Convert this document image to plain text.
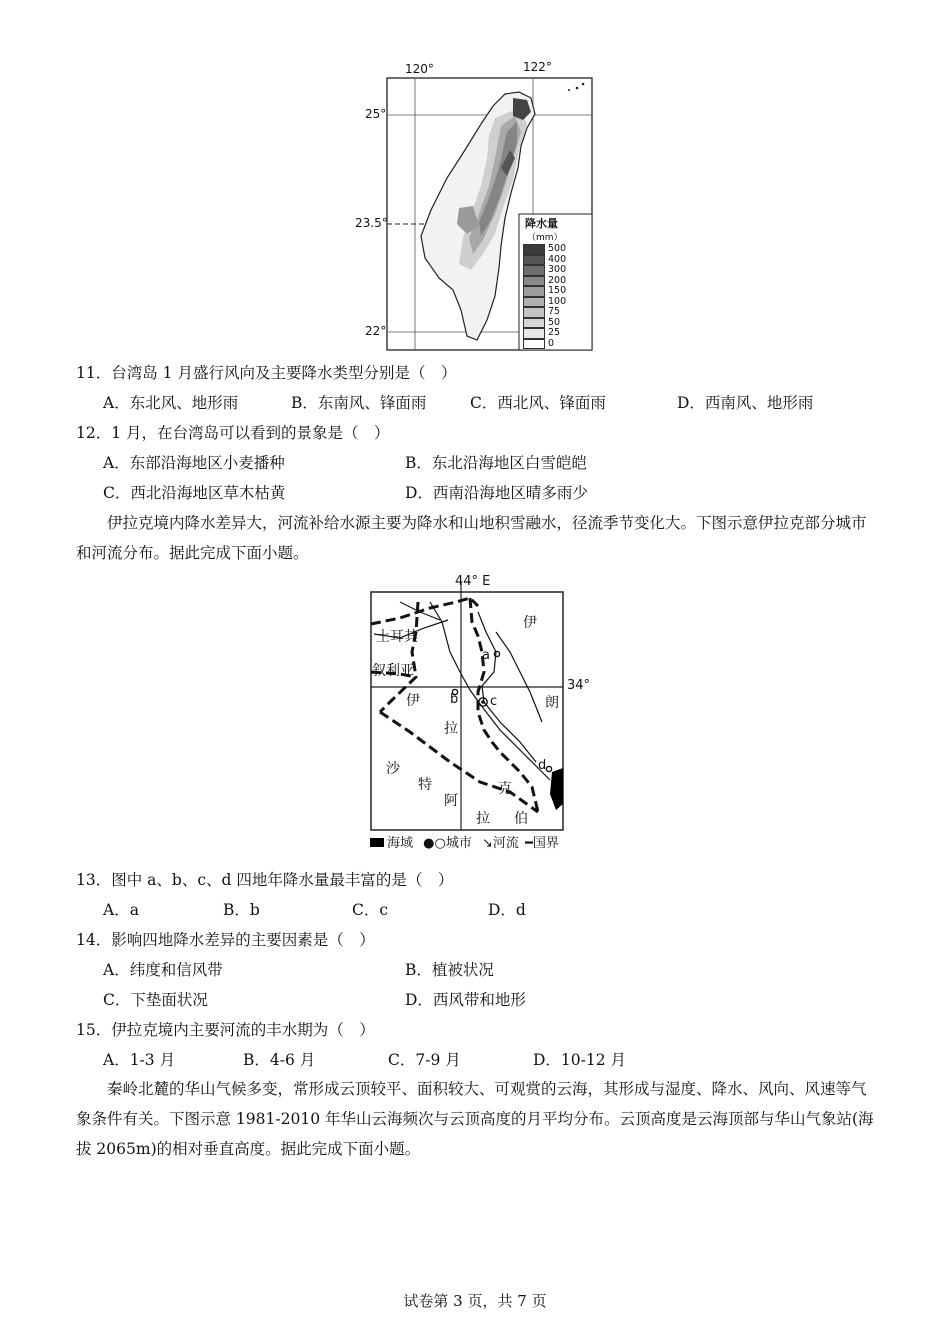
120°	122°
25°
23.5°
22°
降水量
（mm）
500
400
300
200
150
100
75
50
25
0
11．台湾岛 1 月盛行风向及主要降水类型分别是（　）
A．东北风、地形雨	B．东南风、锋面雨	C．西北风、锋面雨	D．西南风、地形雨
12．1 月，在台湾岛可以看到的景象是（　）
A．东部沿海地区小麦播种	B．东北沿海地区白雪皑皑
C．西北沿海地区草木枯黄	D．西南沿海地区晴多雨少
伊拉克境内降水差异大，河流补给水源主要为降水和山地积雪融水，径流季节变化大。下图示意伊拉克部分城市和河流分布。据此完成下面小题。
44° E
34°
土耳其
叙利亚
伊
朗
伊
拉
克
沙
特
阿
拉 伯
a
b c
d
海域 ●○城市 ↘河流 ━国界
13．图中 a、b、c、d 四地年降水量最丰富的是（　）
A．a	B．b	C．c	D．d
14．影响四地降水差异的主要因素是（　）
A．纬度和信风带	B．植被状况
C．下垫面状况	D．西风带和地形
15．伊拉克境内主要河流的丰水期为（　）
A．1-3 月	B．4-6 月	C．7-9 月	D．10-12 月
秦岭北麓的华山气候多变，常形成云顶较平、面积较大、可观赏的云海，其形成与湿度、降水、风向、风速等气象条件有关。下图示意 1981-2010 年华山云海频次与云顶高度的月平均分布。云顶高度是云海顶部与华山气象站(海拔 2065m)的相对垂直高度。据此完成下面小题。
试卷第 3 页，共 7 页
